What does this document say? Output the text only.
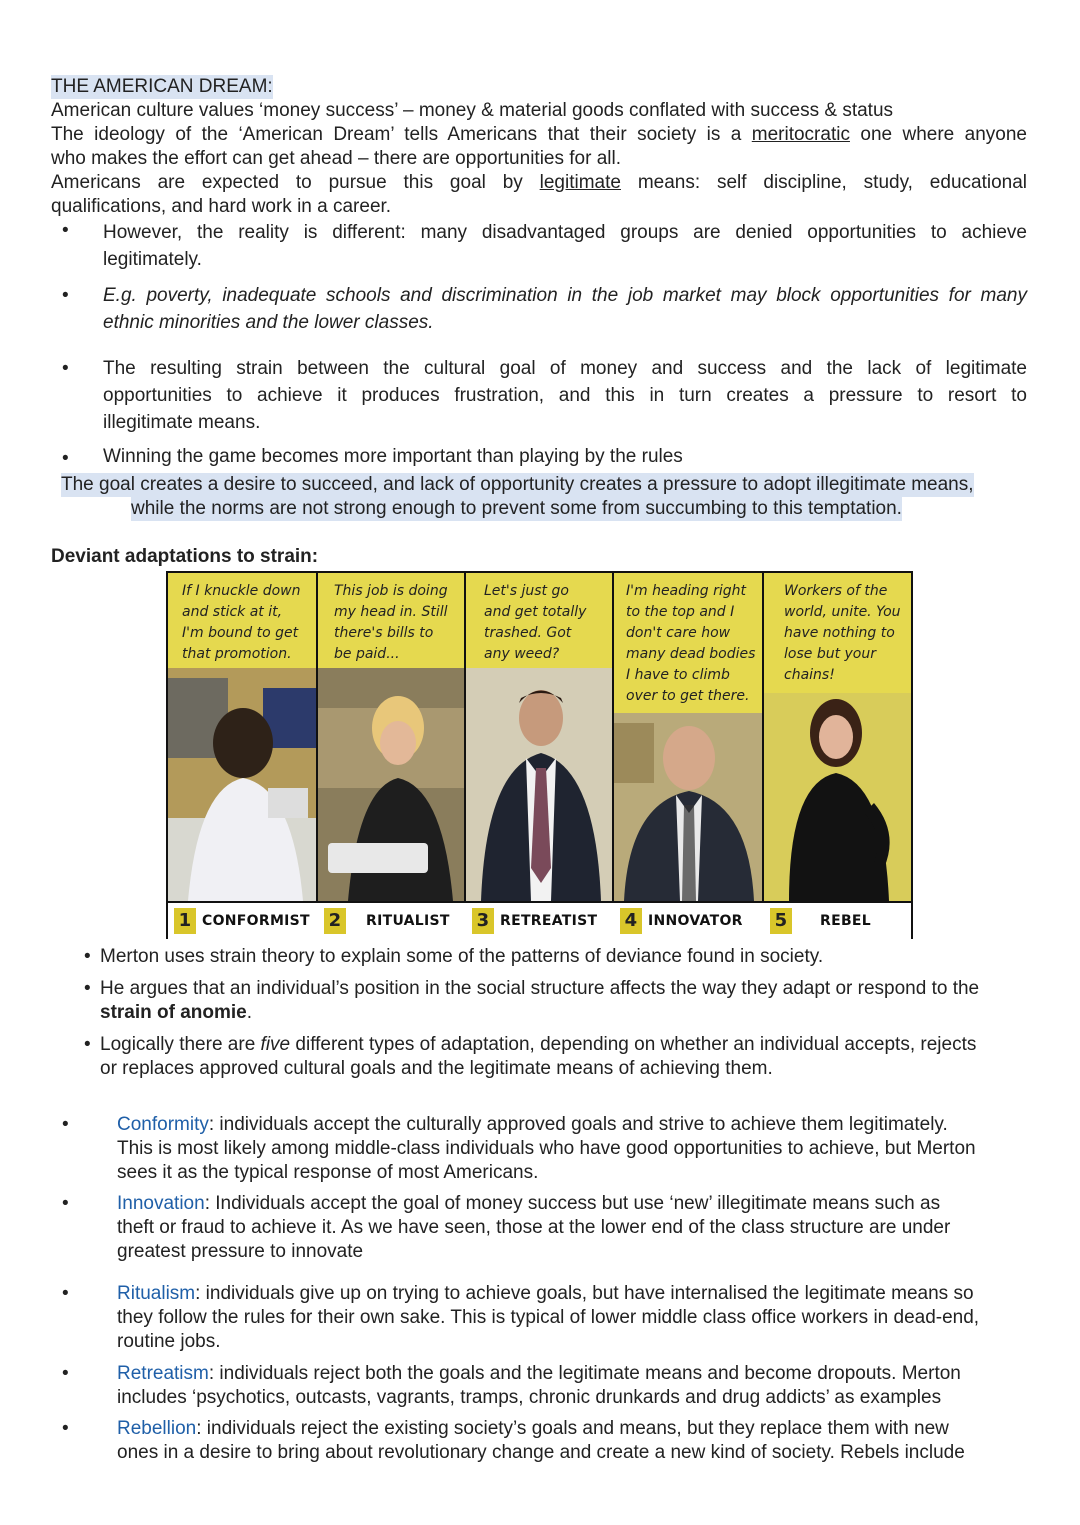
THE AMERICAN DREAM:
American culture values ‘money success’ – money & material goods conflated with success & status
The ideology of the ‘American Dream’ tells Americans that their society is a meritocratic one where anyone
who makes the effort can get ahead – there are opportunities for all.
Americans are expected to pursue this goal by legitimate means: self discipline, study, educational
qualifications, and hard work in a career.
• However, the reality is different: many disadvantaged groups are denied opportunities to achieve
legitimately.
• E.g. poverty, inadequate schools and discrimination in the job market may block opportunities for many
ethnic minorities and the lower classes.
• The resulting strain between the cultural goal of money and success and the lack of legitimate
opportunities to achieve it produces frustration, and this in turn creates a pressure to resort to
illegitimate means.
• Winning the game becomes more important than playing by the rules
The goal creates a desire to succeed, and lack of opportunity creates a pressure to adopt illegitimate means,
while the norms are not strong enough to prevent some from succumbing to this temptation.
Deviant adaptations to strain:
If I knuckle down
and stick at it,
I'm bound to get
that promotion.
This job is doing
my head in. Still
there's bills to
be paid...
Let's just go
and get totally
trashed. Got
any weed?
I'm heading right
to the top and I
don't care how
many dead bodies
I have to climb
over to get there.
Workers of the
world, unite. You
have nothing to
lose but your
chains!
1 CONFORMIST 2	RITUALIST 3 RETREATIST 4 INNOVATOR 5	REBEL
• Merton uses strain theory to explain some of the patterns of deviance found in society.
• He argues that an individual’s position in the social structure affects the way they adapt or respond to the
strain of anomie.
• Logically there are five different types of adaptation, depending on whether an individual accepts, rejects
or replaces approved cultural goals and the legitimate means of achieving them.
•	Conformity: individuals accept the culturally approved goals and strive to achieve them legitimately.
This is most likely among middle-class individuals who have good opportunities to achieve, but Merton
sees it as the typical response of most Americans.
•	Innovation: Individuals accept the goal of money success but use ‘new’ illegitimate means such as
theft or fraud to achieve it. As we have seen, those at the lower end of the class structure are under
greatest pressure to innovate
•	Ritualism: individuals give up on trying to achieve goals, but have internalised the legitimate means so
they follow the rules for their own sake. This is typical of lower middle class office workers in dead-end,
routine jobs.
•	Retreatism: individuals reject both the goals and the legitimate means and become dropouts. Merton
includes ‘psychotics, outcasts, vagrants, tramps, chronic drunkards and drug addicts’ as examples
•	Rebellion: individuals reject the existing society’s goals and means, but they replace them with new
ones in a desire to bring about revolutionary change and create a new kind of society. Rebels include
